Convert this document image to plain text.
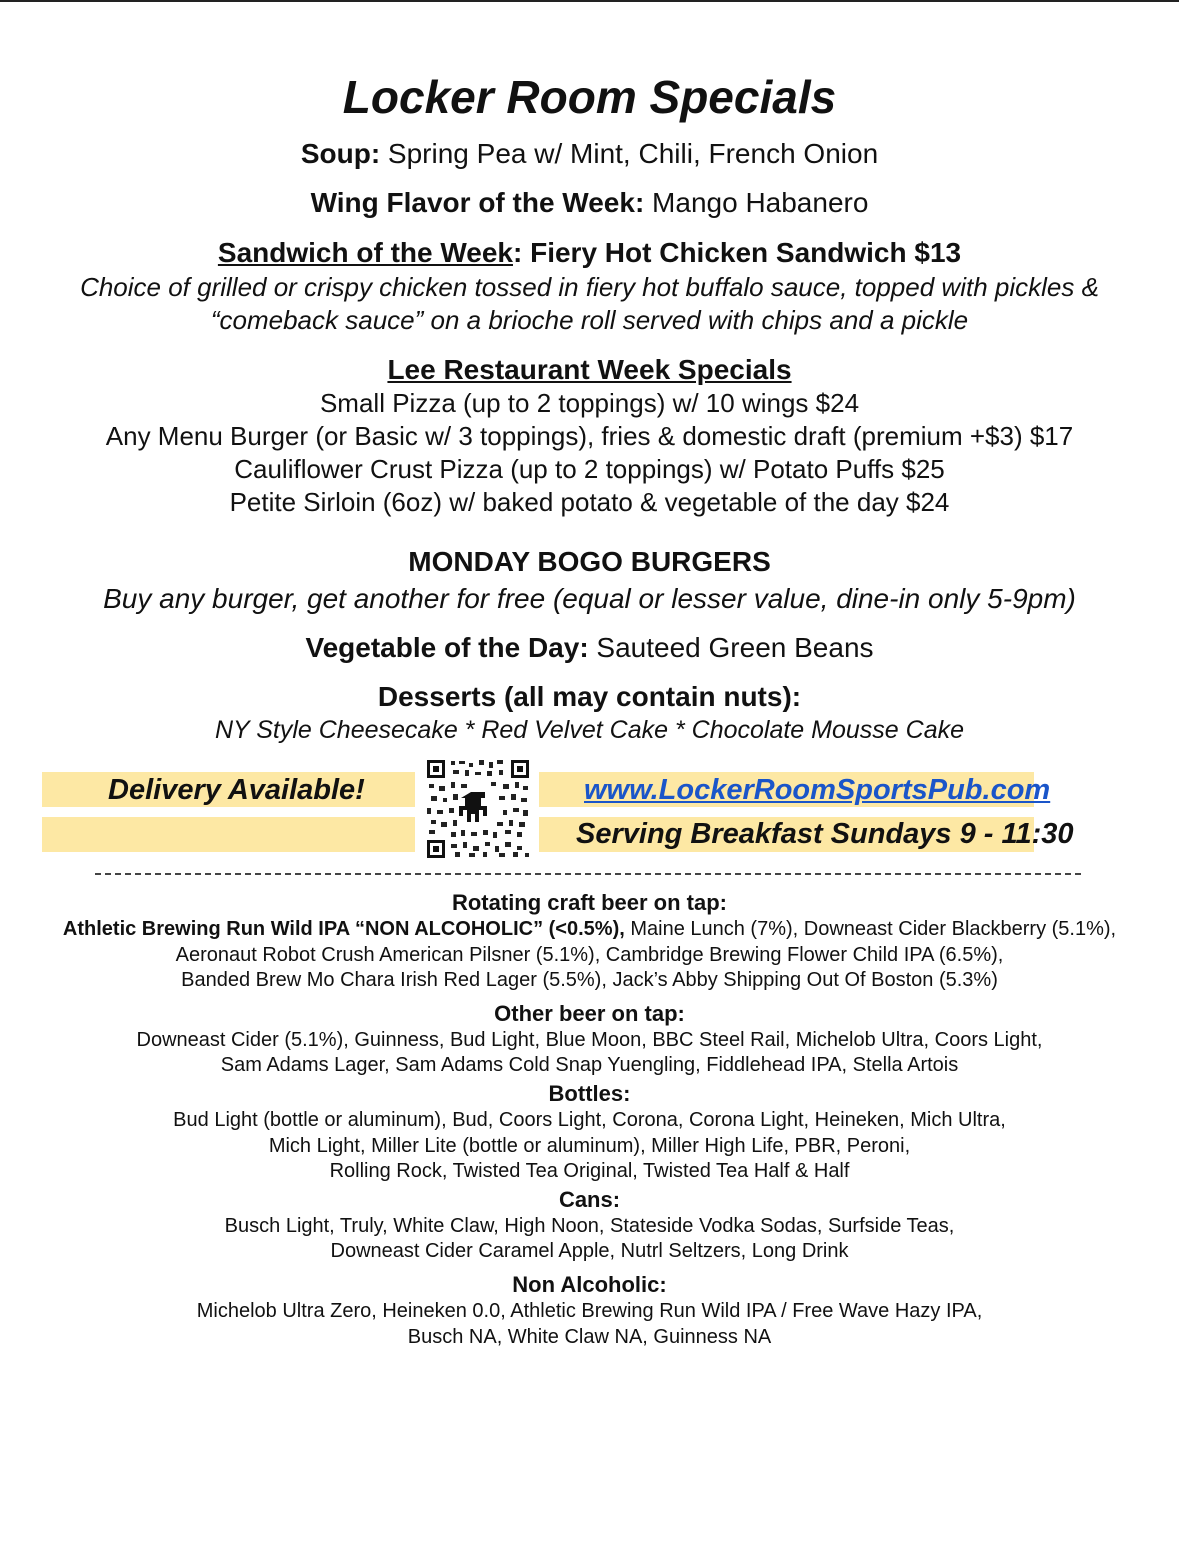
Locker Room Specials
Soup: Spring Pea w/ Mint, Chili, French Onion
Wing Flavor of the Week: Mango Habanero
Sandwich of the Week: Fiery Hot Chicken Sandwich $13
Choice of grilled or crispy chicken tossed in fiery hot buffalo sauce, topped with pickles &
“comeback sauce” on a brioche roll served with chips and a pickle
Lee Restaurant Week Specials
Small Pizza (up to 2 toppings) w/ 10 wings $24
Any Menu Burger (or Basic w/ 3 toppings), fries & domestic draft (premium +$3) $17
Cauliflower Crust Pizza (up to 2 toppings) w/ Potato Puffs $25
Petite Sirloin (6oz) w/ baked potato & vegetable of the day $24
MONDAY BOGO BURGERS
Buy any burger, get another for free (equal or lesser value, dine-in only 5-9pm)
Vegetable of the Day: Sauteed Green Beans
Desserts (all may contain nuts):
NY Style Cheesecake * Red Velvet Cake * Chocolate Mousse Cake
Delivery Available!	www.LockerRoomSportsPub.com
Serving Breakfast Sundays 9 - 11:30
Rotating craft beer on tap:
Athletic Brewing Run Wild IPA “NON ALCOHOLIC” (<0.5%), Maine Lunch (7%), Downeast Cider Blackberry (5.1%),
Aeronaut Robot Crush American Pilsner (5.1%), Cambridge Brewing Flower Child IPA (6.5%),
Banded Brew Mo Chara Irish Red Lager (5.5%), Jack’s Abby Shipping Out Of Boston (5.3%)
Other beer on tap:
Downeast Cider (5.1%), Guinness, Bud Light, Blue Moon, BBC Steel Rail, Michelob Ultra, Coors Light,
Sam Adams Lager, Sam Adams Cold Snap Yuengling, Fiddlehead IPA, Stella Artois
Bottles:
Bud Light (bottle or aluminum), Bud, Coors Light, Corona, Corona Light, Heineken, Mich Ultra,
Mich Light, Miller Lite (bottle or aluminum), Miller High Life, PBR, Peroni,
Rolling Rock, Twisted Tea Original, Twisted Tea Half & Half
Cans:
Busch Light, Truly, White Claw, High Noon, Stateside Vodka Sodas, Surfside Teas,
Downeast Cider Caramel Apple, Nutrl Seltzers, Long Drink
Non Alcoholic:
Michelob Ultra Zero, Heineken 0.0, Athletic Brewing Run Wild IPA / Free Wave Hazy IPA,
Busch NA, White Claw NA, Guinness NA
